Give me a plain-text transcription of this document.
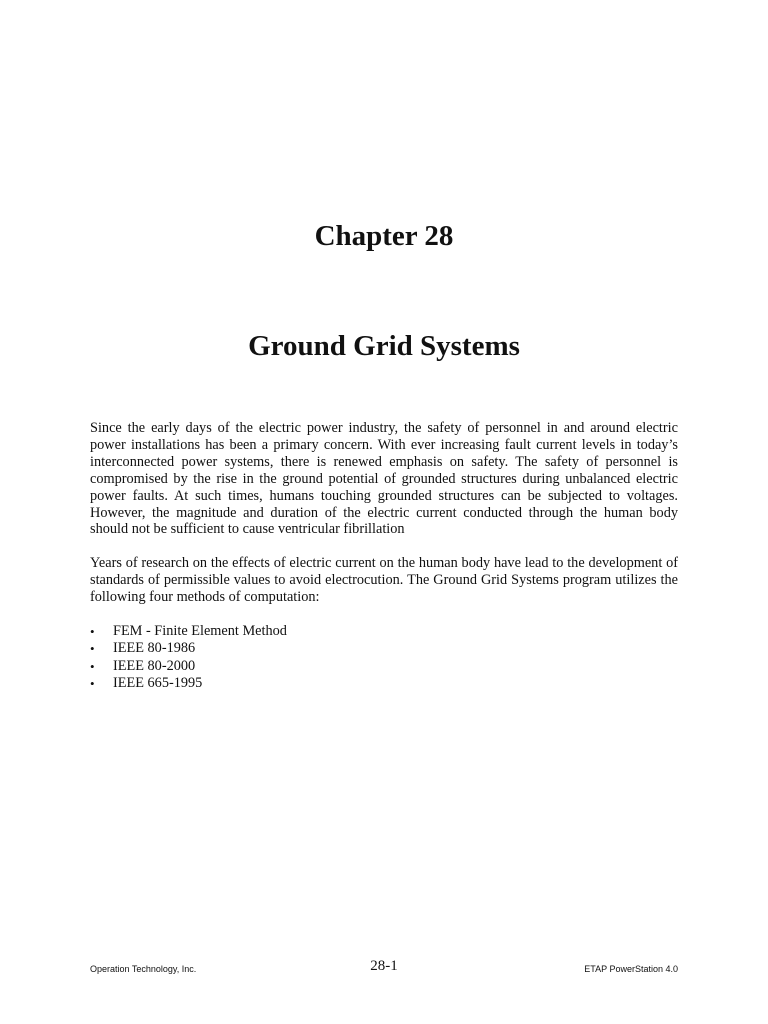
Chapter 28
Ground Grid Systems

Since the early days of the electric power industry, the safety of personnel in and around electric power installations has been a primary concern. With ever increasing fault current levels in today’s interconnected power systems, there is renewed emphasis on safety. The safety of personnel is compromised by the rise in the ground potential of grounded structures during unbalanced electric power faults. At such times, humans touching grounded structures can be subjected to voltages. However, the magnitude and duration of the electric current conducted through the human body should not be sufficient to cause ventricular fibrillation

Years of research on the effects of electric current on the human body have lead to the development of standards of permissible values to avoid electrocution. The Ground Grid Systems program utilizes the following four methods of computation:

• FEM - Finite Element Method
• IEEE 80-1986
• IEEE 80-2000
• IEEE 665-1995
Operation Technology, Inc.	28-1	ETAP PowerStation 4.0
